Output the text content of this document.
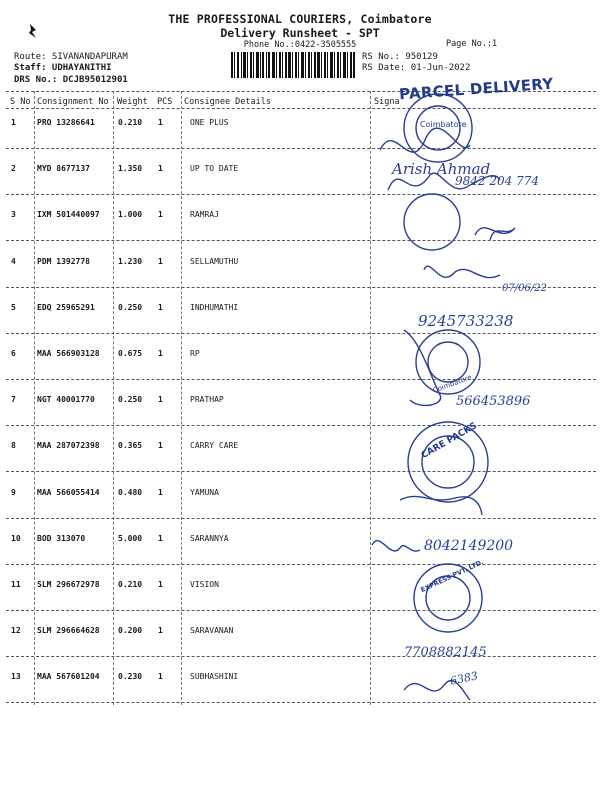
THE PROFESSIONAL COURIERS, Coimbatore
Delivery Runsheet - SPT
Phone No.:0422-3505555	Page No.:1
Route: SIVANANDAPURAM
Staff: UDHAYANITHI
DRS No.: DCJB95012901
RS No.: 950129
RS Date: 01-Jun-2022
S No Consignment No Weight PCS Consignee Details	Signa
1	PRO 13286641	0.210 1	ONE PLUS
2	MYD 8677137	1.350 1	UP TO DATE
3	IXM 501440097 1.000 1	RAMRAJ
4	PDM 1392778	1.230 1	SELLAMUTHU
5	EDQ 25965291	0.250 1	INDHUMATHI
6	MAA 566903128 0.675 1	RP
7	NGT 40001770	0.250 1	PRATHAP
8	MAA 287072398 0.365 1	CARRY CARE
9	MAA 566055414 0.480 1	YAMUNA
10 BOD 313070	5.000 1	SARANNYA
11 SLM 296672978 0.210 1	VISION
12 SLM 296664628 0.200 1	SARAVANAN
13 MAA 567601204 0.230 1	SUBHASHINI
PARCEL DELIVERY
Coimbatore
Coimbatore
CARE PACKS
EXPRESS PVT. LTD.
Arish Ahmad
9842 204 774
07/06/22
9245733238
566453896
8042149200
7708882145
6383
